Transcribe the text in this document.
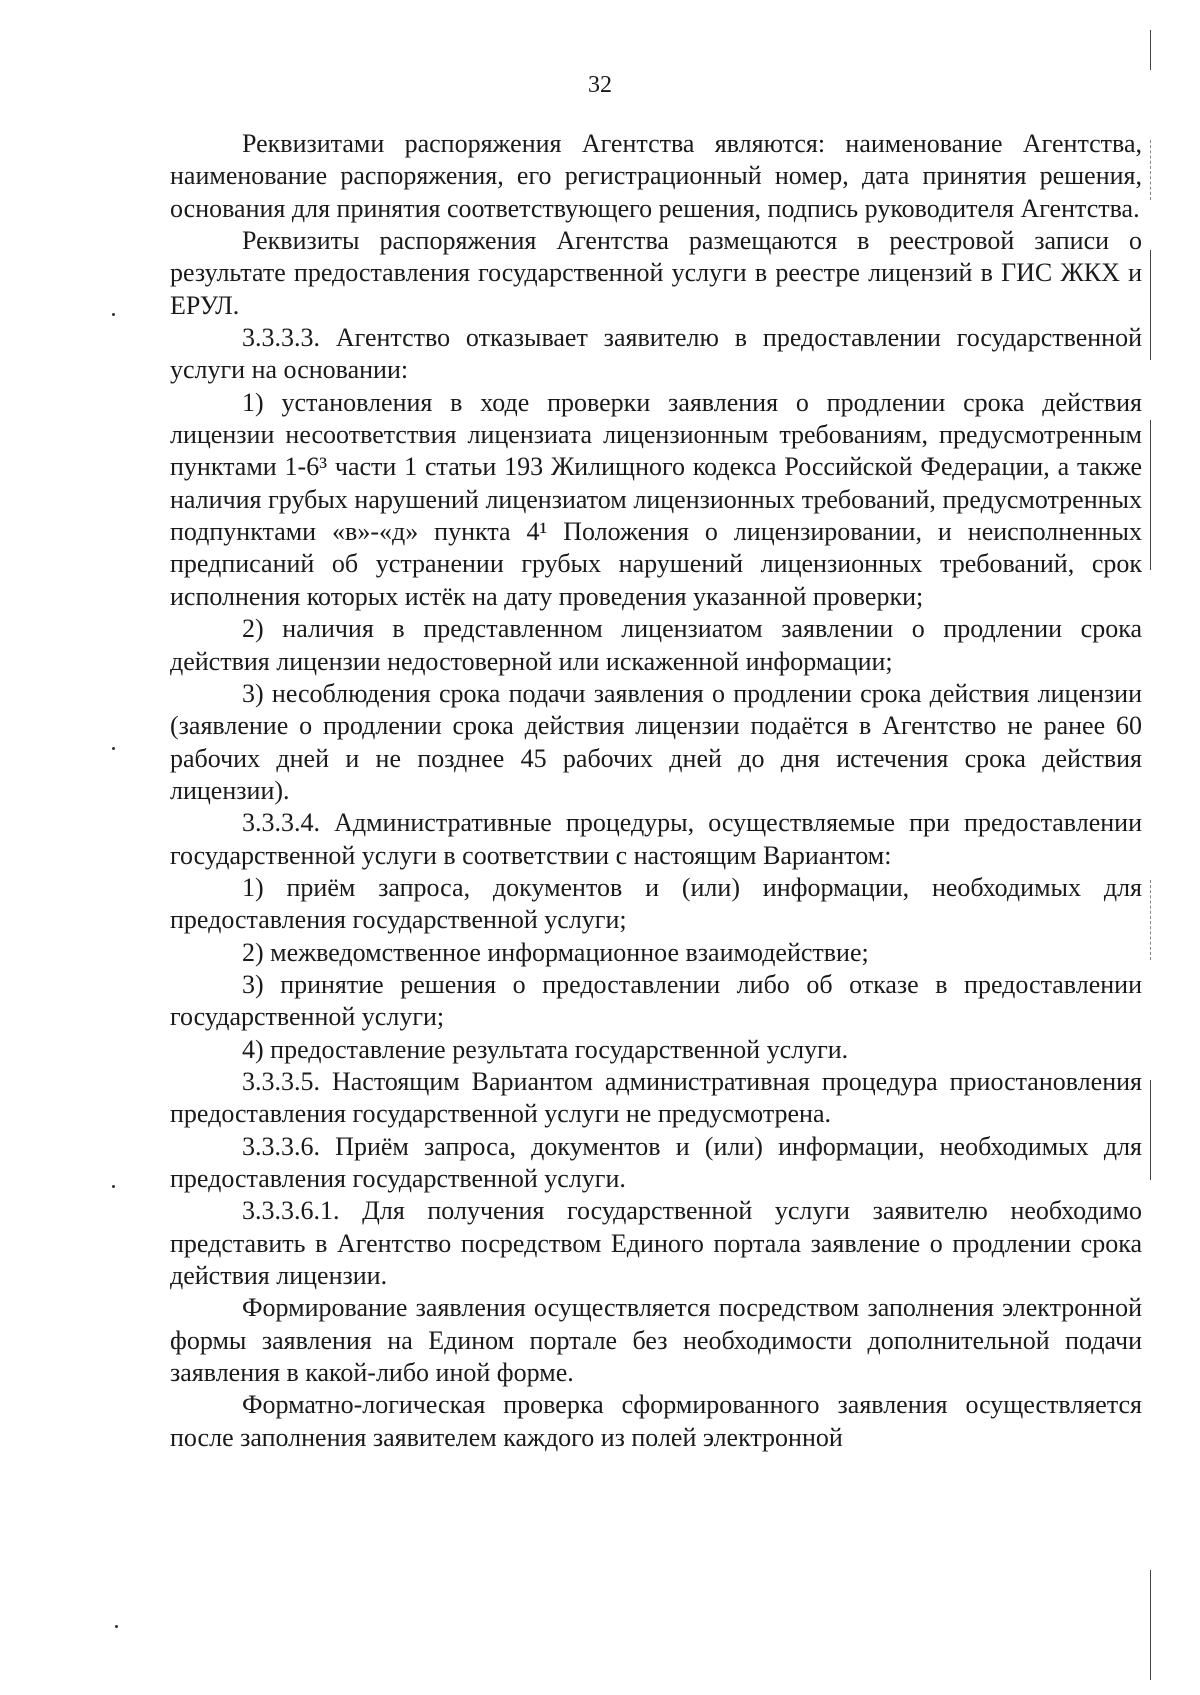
32

Реквизитами распоряжения Агентства являются: наименование Агентства, наименование распоряжения, его регистрационный номер, дата принятия решения, основания для принятия соответствующего решения, подпись руководителя Агентства.

Реквизиты распоряжения Агентства размещаются в реестровой записи о результате предоставления государственной услуги в реестре лицензий в ГИС ЖКХ и ЕРУЛ.

3.3.3.3. Агентство отказывает заявителю в предоставлении государственной услуги на основании:

1) установления в ходе проверки заявления о продлении срока действия лицензии несоответствия лицензиата лицензионным требованиям, предусмотренным пунктами 1-6³ части 1 статьи 193 Жилищного кодекса Российской Федерации, а также наличия грубых нарушений лицензиатом лицензионных требований, предусмотренных подпунктами «в»-«д» пункта 4¹ Положения о лицензировании, и неисполненных предписаний об устранении грубых нарушений лицензионных требований, срок исполнения которых истёк на дату проведения указанной проверки;

2) наличия в представленном лицензиатом заявлении о продлении срока действия лицензии недостоверной или искаженной информации;

3) несоблюдения срока подачи заявления о продлении срока действия лицензии (заявление о продлении срока действия лицензии подаётся в Агентство не ранее 60 рабочих дней и не позднее 45 рабочих дней до дня истечения срока действия лицензии).

3.3.3.4. Административные процедуры, осуществляемые при предоставлении государственной услуги в соответствии с настоящим Вариантом:

1) приём запроса, документов и (или) информации, необходимых для предоставления государственной услуги;

2) межведомственное информационное взаимодействие;

3) принятие решения о предоставлении либо об отказе в предоставлении государственной услуги;

4) предоставление результата государственной услуги.

3.3.3.5. Настоящим Вариантом административная процедура приостановления предоставления государственной услуги не предусмотрена.

3.3.3.6. Приём запроса, документов и (или) информации, необходимых для предоставления государственной услуги.

3.3.3.6.1. Для получения государственной услуги заявителю необходимо представить в Агентство посредством Единого портала заявление о продлении срока действия лицензии.

Формирование заявления осуществляется посредством заполнения электронной формы заявления на Едином портале без необходимости дополнительной подачи заявления в какой-либо иной форме.

Форматно-логическая проверка сформированного заявления осуществляется после заполнения заявителем каждого из полей электронной
